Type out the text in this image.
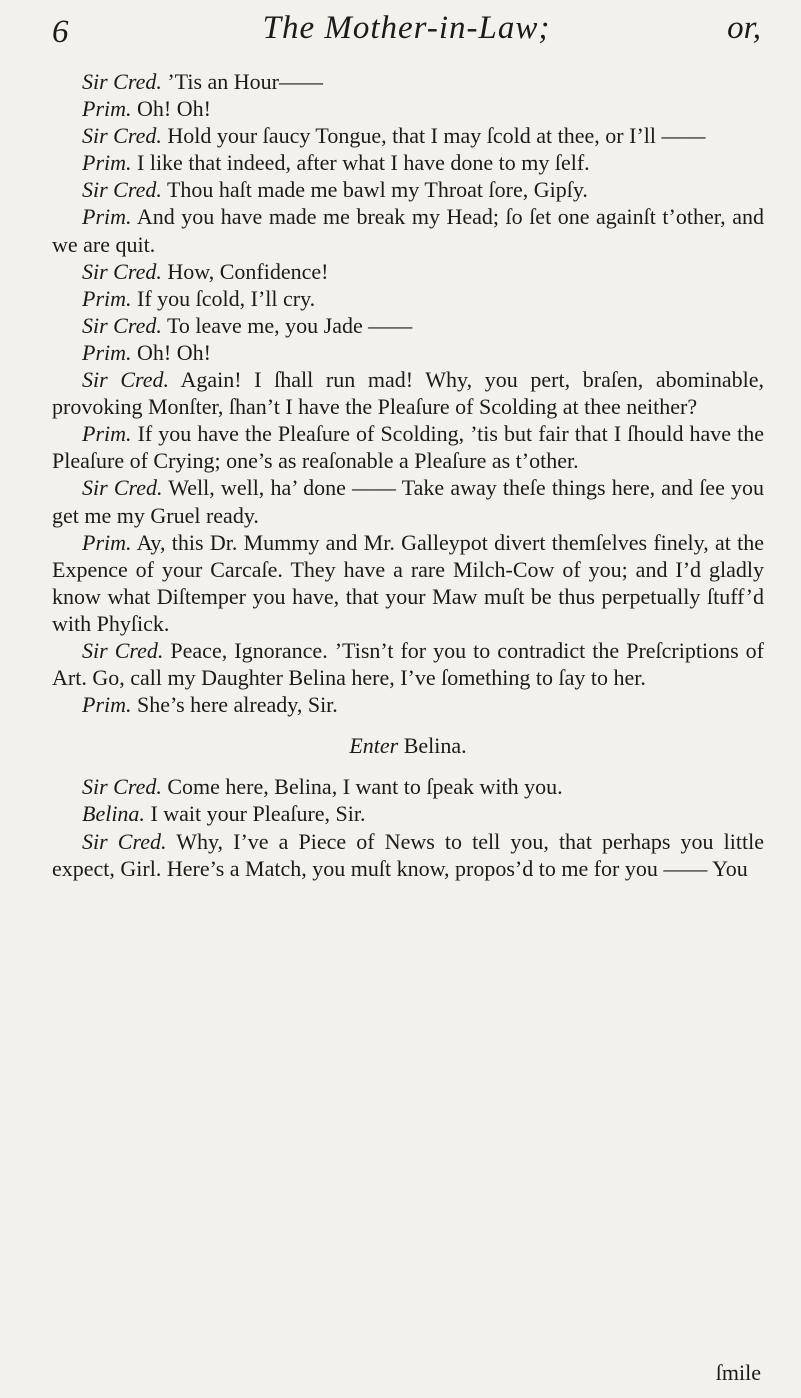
6	The Mother-in-Law;	or,

Sir Cred. ’Tis an Hour——

Prim. Oh! Oh!

Sir Cred. Hold your ſaucy Tongue, that I may ſcold at thee, or I’ll ——

Prim. I like that indeed, after what I have done to my ſelf.

Sir Cred. Thou haſt made me bawl my Throat ſore, Gipſy.

Prim. And you have made me break my Head; ſo ſet one againſt t’other, and we are quit.

Sir Cred. How, Confidence!

Prim. If you ſcold, I’ll cry.

Sir Cred. To leave me, you Jade ——

Prim. Oh! Oh!

Sir Cred. Again! I ſhall run mad! Why, you pert, braſen, abominable, provoking Monſter, ſhan’t I have the Pleaſure of Scolding at thee neither?

Prim. If you have the Pleaſure of Scolding, ’tis but fair that I ſhould have the Pleaſure of Crying; one’s as reaſonable a Pleaſure as t’other.

Sir Cred. Well, well, ha’ done —— Take away theſe things here, and ſee you get me my Gruel ready.

Prim. Ay, this Dr. Mummy and Mr. Galleypot divert themſelves finely, at the Expence of your Carcaſe. They have a rare Milch-Cow of you; and I’d gladly know what Diſtemper you have, that your Maw muſt be thus perpetually ſtuff’d with Phyſick.

Sir Cred. Peace, Ignorance. ’Tisn’t for you to contradict the Preſcriptions of Art. Go, call my Daughter Belina here, I’ve ſomething to ſay to her.

Prim. She’s here already, Sir.

Enter Belina.

Sir Cred. Come here, Belina, I want to ſpeak with you.

Belina. I wait your Pleaſure, Sir.

Sir Cred. Why, I’ve a Piece of News to tell you, that perhaps you little expect, Girl. Here’s a Match, you muſt know, propos’d to me for you —— You

ſmile
